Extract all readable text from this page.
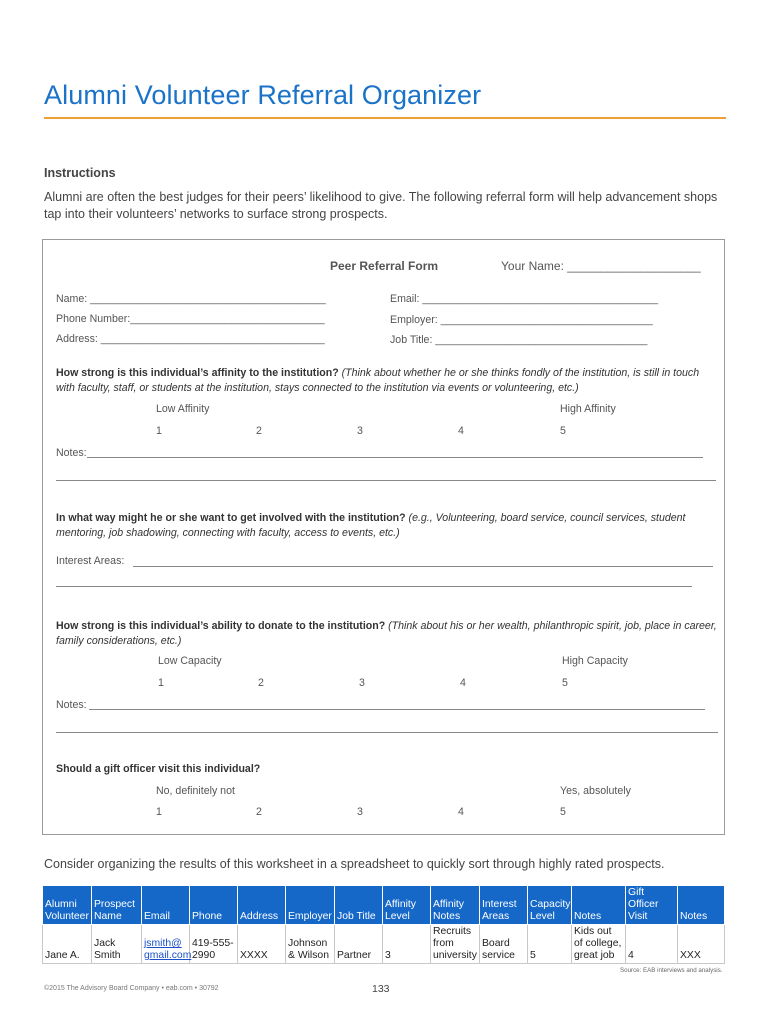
Alumni Volunteer Referral Organizer
Instructions
Alumni are often the best judges for their peers’ likelihood to give. The following referral form will help advancement shops tap into their volunteers’ networks to surface strong prospects.
Peer Referral Form	Your Name: ____________________
Name: ________________________________________
Phone Number:_________________________________
Address: ______________________________________
Email: ________________________________________
Employer: ____________________________________
Job Title: ____________________________________
How strong is this individual’s affinity to the institution? (Think about whether he or she thinks fondly of the institution, is still in touch with faculty, staff, or students at the institution, stays connected to the institution via events or volunteering, etc.)
Low Affinity	High Affinity
1	2	3	4	5
Notes:
In what way might he or she want to get involved with the institution? (e.g., Volunteering, board service, council services, student mentoring, job shadowing, connecting with faculty, access to events, etc.)
Interest Areas:
How strong is this individual’s ability to donate to the institution? (Think about his or her wealth, philanthropic spirit, job, place in career, family considerations, etc.)
Low Capacity	High Capacity
1	2	3	4	5
Notes:
Should a gift officer visit this individual?
No, definitely not	Yes, absolutely
1	2	3	4	5
Consider organizing the results of this worksheet in a spreadsheet to quickly sort through highly rated prospects.
Alumni Volunteer	Prospect Name	Email	Phone	Address	Employer	Job Title	Affinity Level	Affinity Notes	Interest Areas	Capacity Level	Notes	Gift Officer Visit	Notes
Jane A.	Jack Smith	jsmith@ gmail.com	419-555- 2990	XXXX	Johnson & Wilson	Partner	3	Recruits from university	Board service	5	Kids out of college, great job	4	XXX
Source: EAB interviews and analysis.
©2015 The Advisory Board Company • eab.com • 30792	133
